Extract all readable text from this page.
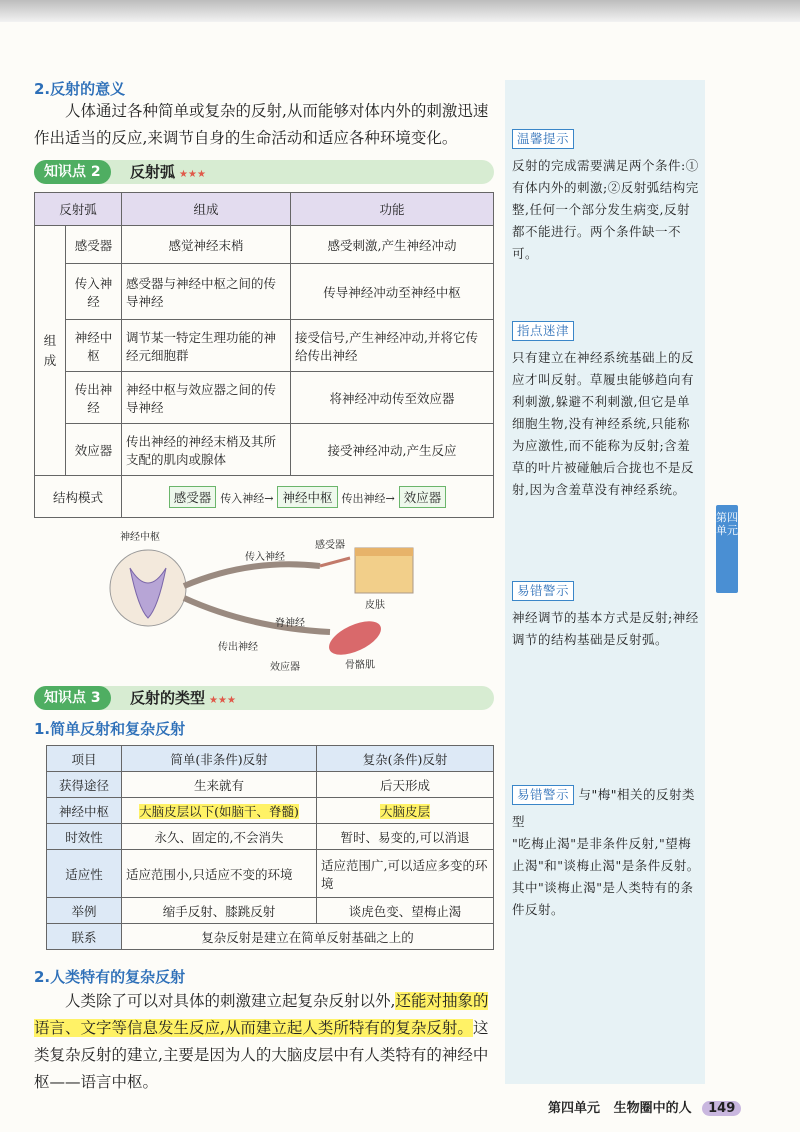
2.反射的意义
人体通过各种简单或复杂的反射,从而能够对体内外的刺激迅速作出适当的反应,来调节自身的生命活动和适应各种环境变化。
知识点 2	反射弧 ★★★
反射弧		组成	功能
组成	感受器	感觉神经末梢	感受刺激,产生神经冲动
	传入神经	感受器与神经中枢之间的传导神经	传导神经冲动至神经中枢
	神经中枢	调节某一特定生理功能的神经元细胞群	接受信号,产生神经冲动,并将它传给传出神经
	传出神经	神经中枢与效应器之间的传导神经	将神经冲动传至效应器
	效应器	传出神经的神经末梢及其所支配的肌肉或腺体	接受神经冲动,产生反应
结构模式		感受器 传入神经→ 神经中枢 传出神经→ 效应器	
神经中枢
传入神经
感受器
皮肤
脊神经
传出神经
效应器	骨骼肌
知识点 3	反射的类型 ★★★
1.简单反射和复杂反射
项目	简单(非条件)反射	复杂(条件)反射
获得途径	生来就有	后天形成
神经中枢	大脑皮层以下(如脑干、脊髓)	大脑皮层
时效性	永久、固定的,不会消失	暂时、易变的,可以消退
适应性	适应范围小,只适应不变的环境	适应范围广,可以适应多变的环境
举例	缩手反射、膝跳反射	谈虎色变、望梅止渴
联系	复杂反射是建立在简单反射基础之上的	
2.人类特有的复杂反射
人类除了可以对具体的刺激建立起复杂反射以外,还能对抽象的语言、文字等信息发生反应,从而建立起人类所特有的复杂反射。这类复杂反射的建立,主要是因为人的大脑皮层中有人类特有的神经中枢——语言中枢。
温馨提示
反射的完成需要满足两个条件:①有体内外的刺激;②反射弧结构完整,任何一个部分发生病变,反射都不能进行。两个条件缺一不可。
指点迷津
只有建立在神经系统基础上的反应才叫反射。草履虫能够趋向有利刺激,躲避不利刺激,但它是单细胞生物,没有神经系统,只能称为应激性,而不能称为反射;含羞草的叶片被碰触后合拢也不是反射,因为含羞草没有神经系统。
易错警示
神经调节的基本方式是反射;神经调节的结构基础是反射弧。
易错警示 与"梅"相关的反射类型
"吃梅止渴"是非条件反射,"望梅止渴"和"谈梅止渴"是条件反射。其中"谈梅止渴"是人类特有的条件反射。
第四单元
第四单元 生物圈中的人 149
